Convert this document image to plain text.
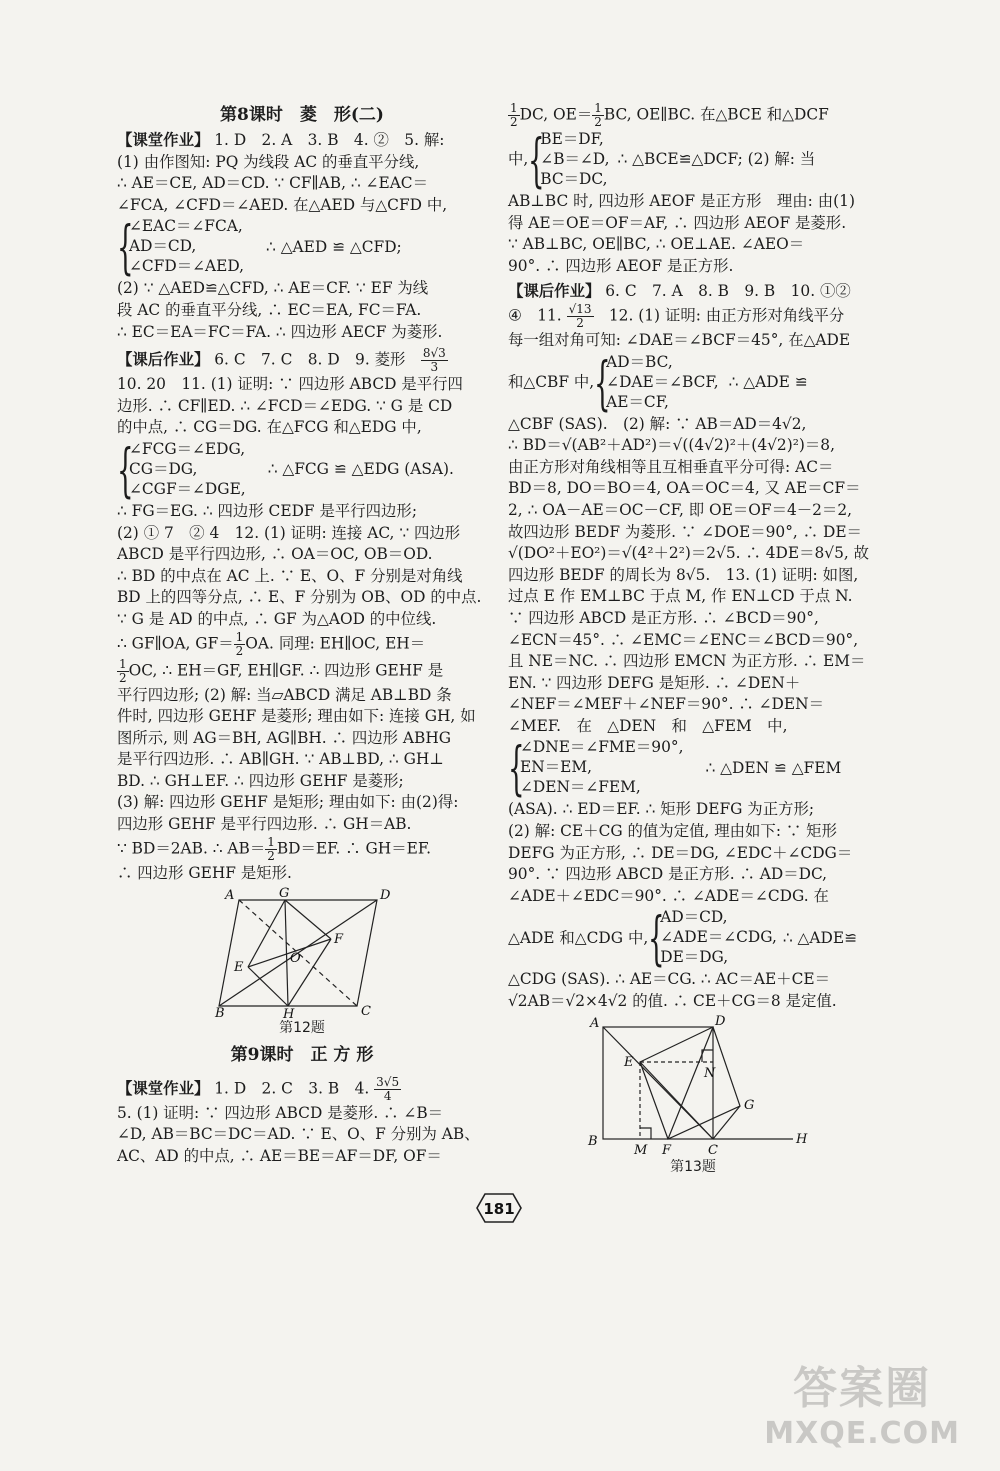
第8课时　菱　形(二)

【课堂作业】 1. D　2. A　3. B　4. ②　5. 解:

(1) 由作图知: PQ 为线段 AC 的垂直平分线,

∴ AE＝CE, AD＝CD. ∵ CF∥AB, ∴ ∠EAC＝

∠FCA, ∠CFD＝∠AED. 在△AED 与△CFD 中,

{

∠EAC＝∠FCA,

AD＝CD,

∠CFD＝∠AED,

∴ △AED ≌ △CFD;

(2) ∵ △AED≌△CFD, ∴ AE＝CF. ∵ EF 为线

段 AC 的垂直平分线, ∴ EC＝EA, FC＝FA.

∴ EC＝EA＝FC＝FA. ∴ 四边形 AECF 为菱形.

【课后作业】 6. C　7. C　8. D　9. 菱形　 $\frac{8√3}{3}$

10. 20　11. (1) 证明: ∵ 四边形 ABCD 是平行四

边形. ∴ CF∥ED. ∴ ∠FCD＝∠EDG. ∵ G 是 CD

的中点, ∴ CG＝DG. 在△FCG 和△EDG 中,

{

∠FCG＝∠EDG,

CG＝DG,

∠CGF＝∠DGE,

∴ △FCG ≌ △EDG (ASA).

∴ FG＝EG. ∴ 四边形 CEDF 是平行四边形;

(2) ① 7　② 4　12. (1) 证明: 连接 AC, ∵ 四边形

ABCD 是平行四边形, ∴ OA＝OC, OB＝OD.

∴ BD 的中点在 AC 上. ∵ E、O、F 分别是对角线

BD 上的四等分点, ∴ E、F 分别为 OB、OD 的中点.

∵ G 是 AD 的中点, ∴ GF 为△AOD 的中位线.

∴ GF∥OA, $GF= \frac{1}{2}$ OA. 同理: EH∥OC, EH＝

$\frac{1}{2}$ OC, ∴ EH＝GF, EH∥GF. ∴ 四边形 GEHF 是

平行四边形; (2) 解: 当▱ABCD 满足 AB⊥BD 条

件时, 四边形 GEHF 是菱形; 理由如下: 连接 GH, 如

图所示, 则 AG＝BH, AG∥BH. ∴ 四边形 ABHG

是平行四边形. ∴ AB∥GH. ∵ AB⊥BD, ∴ GH⊥

BD. ∴ GH⊥EF. ∴ 四边形 GEHF 是菱形;

(3) 解: 四边形 GEHF 是矩形; 理由如下: 由(2)得:

四边形 GEHF 是平行四边形. ∴ GH＝AB.

∵ BD＝2AB. ∴ $AB= \frac{1}{2} BD=EF$. ∴ GH＝EF.

∴ 四边形 GEHF 是矩形.

A	G	D
E
O
F
B	H	C

第12题

第9课时　正 方 形

【课堂作业】 1. D　2. C　3. B　4. $\frac{3√5}{4}$

5. (1) 证明: ∵ 四边形 ABCD 是菱形. ∴ ∠B＝

∠D, AB＝BC＝DC＝AD. ∵ E、O、F 分别为 AB、

AC、AD 的中点, ∴ AE＝BE＝AF＝DF, OF＝

$\frac{1}{2}$ DC, $OE= \frac{1}{2}$ BC, OE∥BC. 在△BCE 和△DCF

中, {

BE＝DF,

∠B＝∠D,

BC＝DC,

∴ △BCE≌△DCF; (2) 解: 当

AB⊥BC 时, 四边形 AEOF 是正方形　理由: 由(1)

得 AE＝OE＝OF＝AF, ∴ 四边形 AEOF 是菱形.

∵ AB⊥BC, OE∥BC, ∴ OE⊥AE. ∠AEO＝

90°. ∴ 四边形 AEOF 是正方形.

【课后作业】 6. C　7. A　8. B　9. B　10. ①②

④　11. $\frac{√13}{2}$ 　12. (1) 证明: 由正方形对角线平分

每一组对角可知: ∠DAE＝∠BCF＝45°, 在△ADE

和△CBF 中, {

AD＝BC,

∠DAE＝∠BCF,

AE＝CF,

∴ △ADE ≌

△CBF (SAS).　(2) 解: ∵ AB＝AD＝4√2,

∴ BD＝√(AB²＋AD²)＝√((4√2)²＋(4√2)²)＝8,

由正方形对角线相等且互相垂直平分可得: AC＝

BD＝8, DO＝BO＝4, OA＝OC＝4, 又 AE＝CF＝

2, ∴ OA－AE＝OC－CF, 即 OE＝OF＝4－2＝2,

故四边形 BEDF 为菱形. ∵ ∠DOE＝90°, ∴ DE＝

√(DO²＋EO²)＝√(4²＋2²)＝2√5. ∴ 4DE＝8√5, 故

四边形 BEDF 的周长为 8√5.　13. (1) 证明: 如图,

过点 E 作 EM⊥BC 于点 M, 作 EN⊥CD 于点 N.

∵ 四边形 ABCD 是正方形. ∴ ∠BCD＝90°,

∠ECN＝45°. ∴ ∠EMC＝∠ENC＝∠BCD＝90°,

且 NE＝NC. ∴ 四边形 EMCN 为正方形. ∴ EM＝

EN. ∵ 四边形 DEFG 是矩形. ∴ ∠DEN＋

∠NEF＝∠MEF＋∠NEF＝90°. ∴ ∠DEN＝

∠MEF.　在　△DEN　和　△FEM　中,

{

∠DNE＝∠FME＝90°,

EN＝EM,

∠DEN＝∠FEM,

∴ △DEN ≌ △FEM

(ASA). ∴ ED＝EF. ∴ 矩形 DEFG 为正方形;

(2) 解: CE＋CG 的值为定值, 理由如下: ∵ 矩形

DEFG 为正方形, ∴ DE＝DG, ∠EDC＋∠CDG＝

90°. ∵ 四边形 ABCD 是正方形. ∴ AD＝DC,

∠ADE＋∠EDC＝90°. ∴ ∠ADE＝∠CDG. 在

△ADE 和△CDG 中, {

AD＝CD,

∠ADE＝∠CDG,

DE＝DG,

∴ △ADE≌

△CDG (SAS). ∴ AE＝CG. ∴ AC＝AE＋CE＝

√2AB＝√2×4√2 的值. ∴ CE＋CG＝8 是定值.

A	D
E
N
G
B
M F	C
H

第13题

181
答案圈
MXQE.COM
